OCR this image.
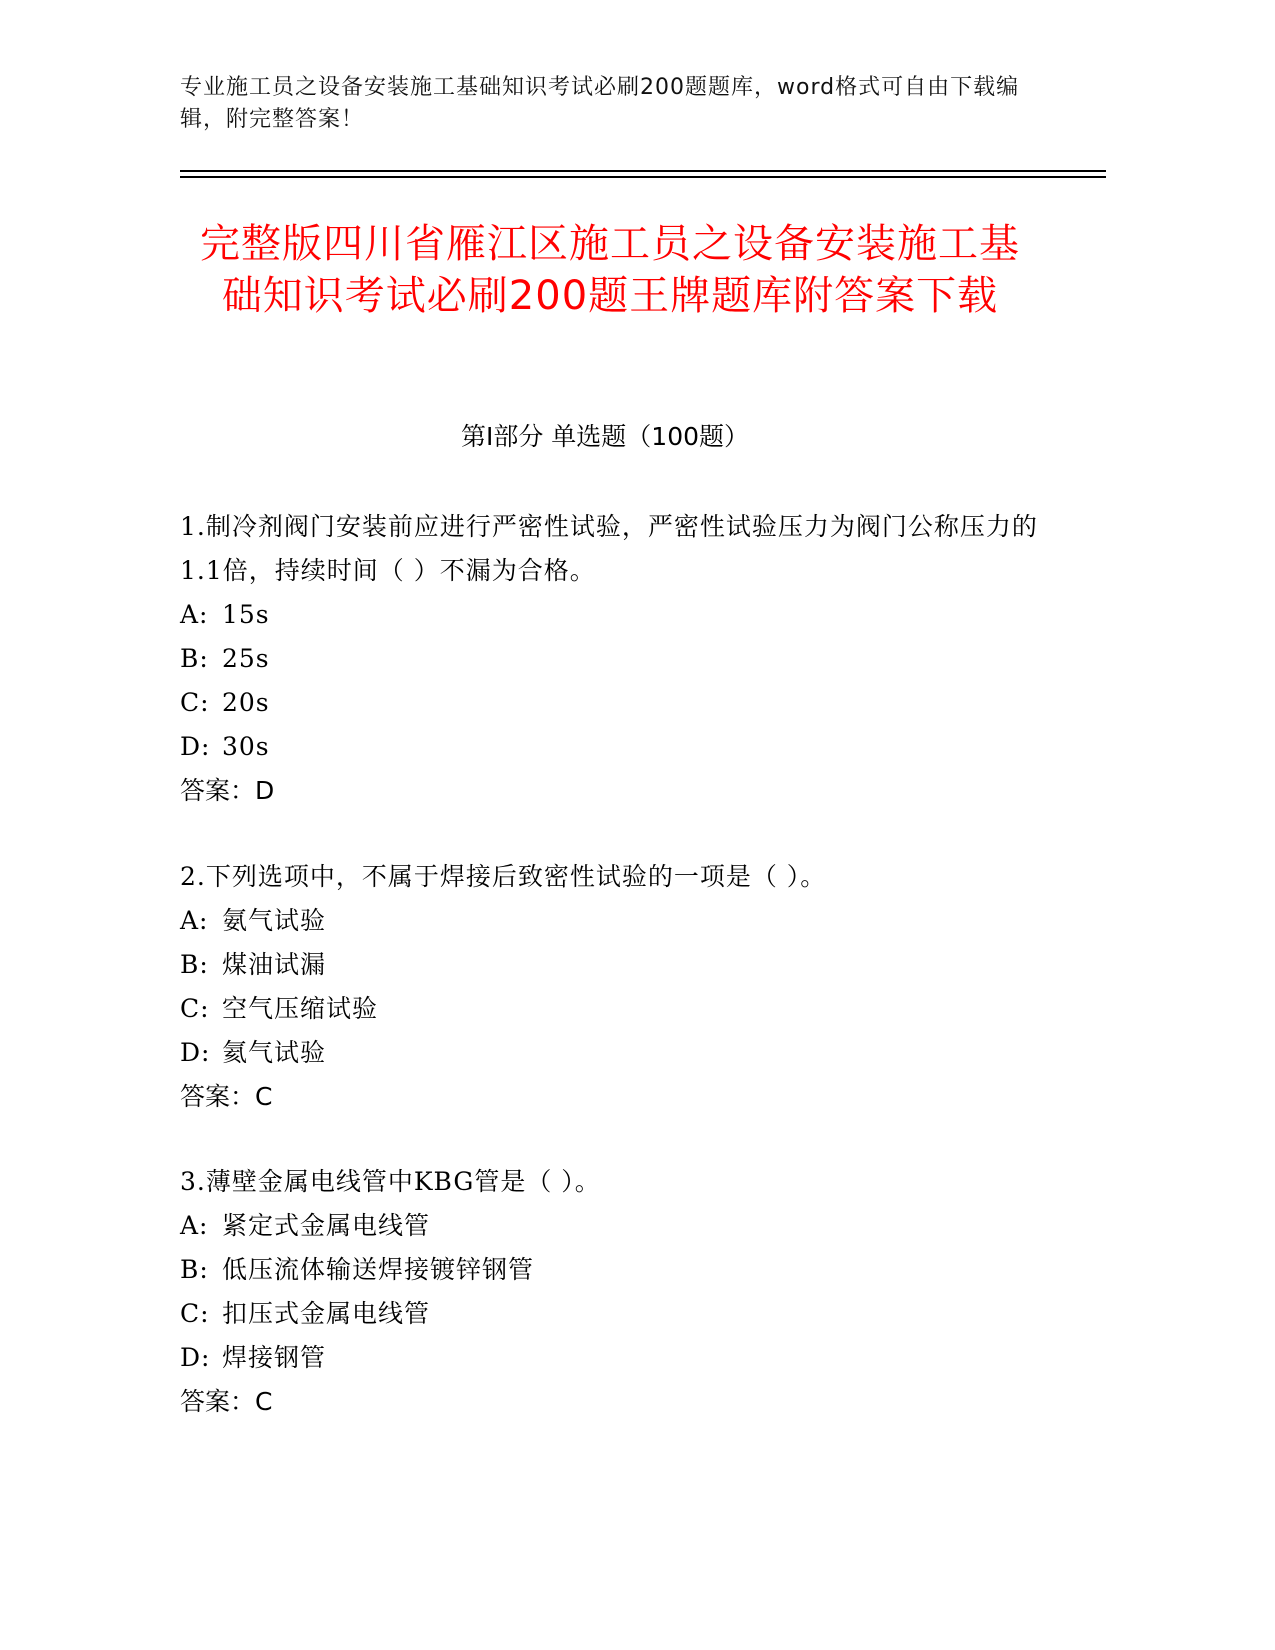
专业施工员之设备安装施工基础知识考试必刷200题题库，word格式可自由下载编辑，附完整答案！
完整版四川省雁江区施工员之设备安装施工基础知识考试必刷200题王牌题库附答案下载
第Ⅰ部分 单选题（100题）
1.制冷剂阀门安装前应进行严密性试验，严密性试验压力为阀门公称压力的1.1倍，持续时间（ ）不漏为合格。
A: 15s
B: 25s
C: 20s
D: 30s
答案：D
2.下列选项中，不属于焊接后致密性试验的一项是（ ）。
A: 氨气试验
B: 煤油试漏
C: 空气压缩试验
D: 氦气试验
答案：C
3.薄壁金属电线管中KBG管是（ ）。
A: 紧定式金属电线管
B: 低压流体输送焊接镀锌钢管
C: 扣压式金属电线管
D: 焊接钢管
答案：C
